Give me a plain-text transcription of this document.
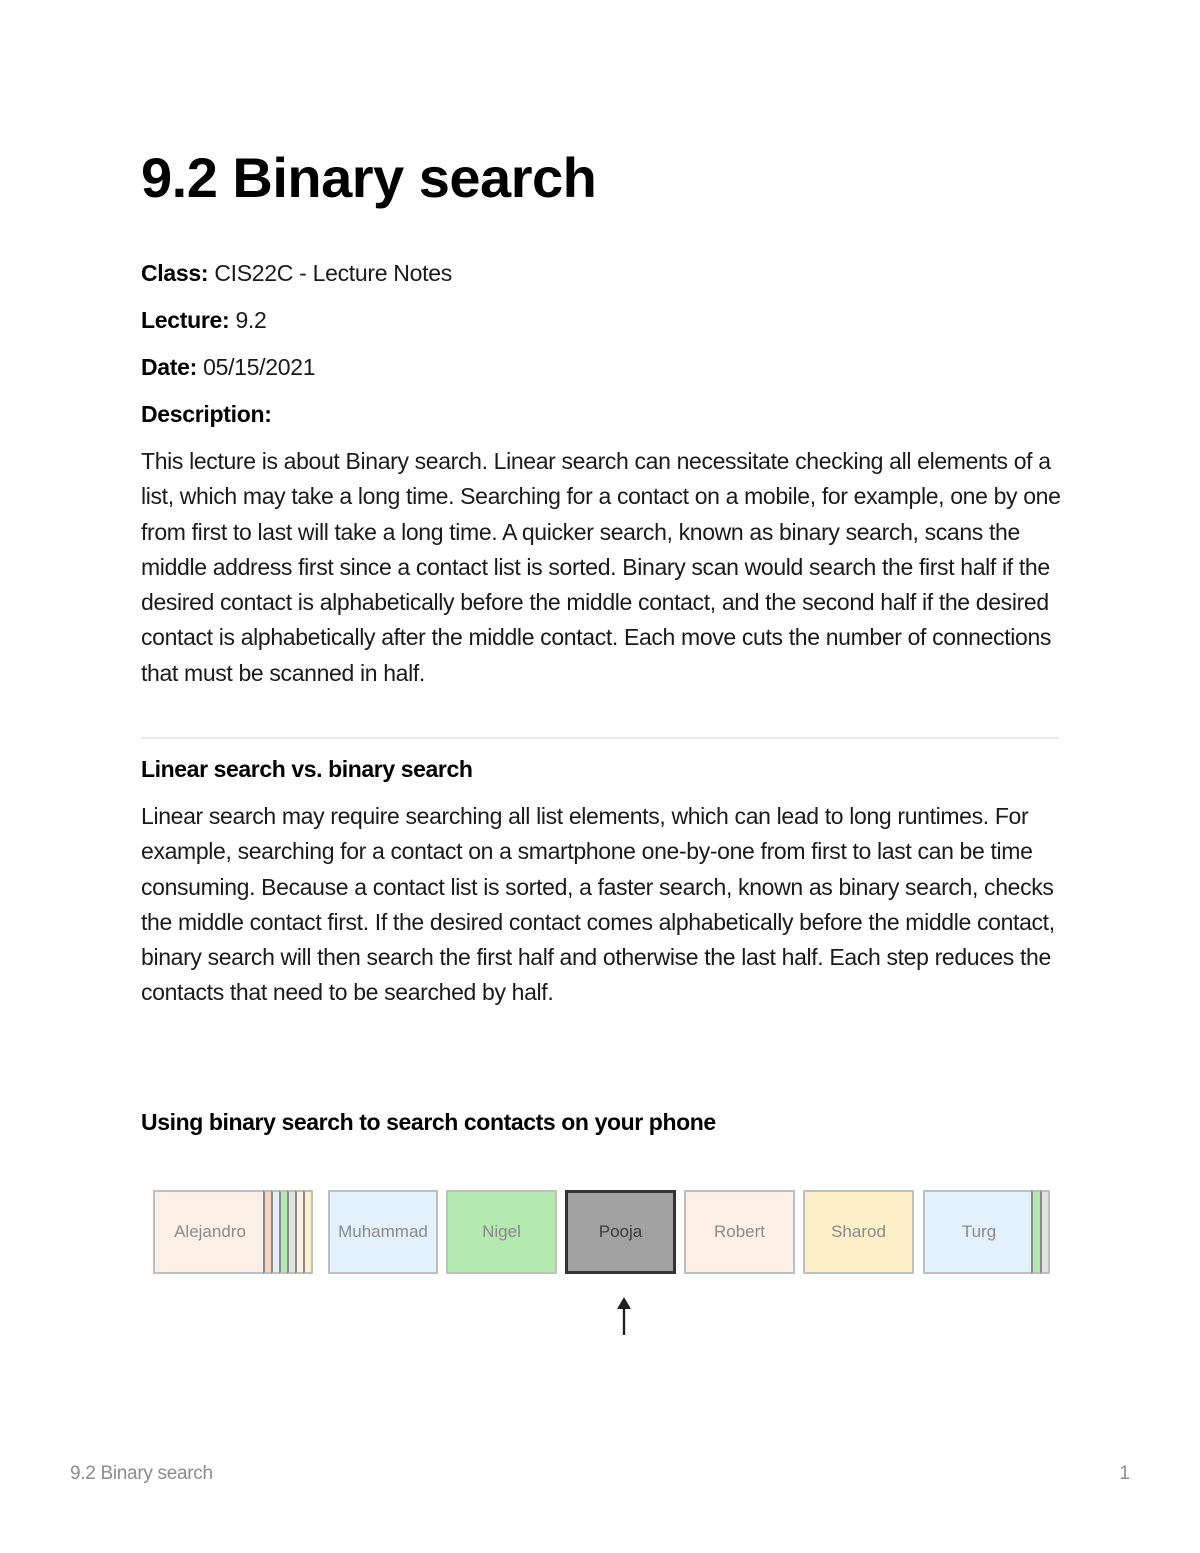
9.2 Binary search
Class: CIS22C - Lecture Notes
Lecture: 9.2
Date: 05/15/2021
Description:

This lecture is about Binary search. Linear search can necessitate checking all elements of a list, which may take a long time. Searching for a contact on a mobile, for example, one by one from first to last will take a long time. A quicker search, known as binary search, scans the middle address first since a contact list is sorted. Binary scan would search the first half if the desired contact is alphabetically before the middle contact, and the second half if the desired contact is alphabetically after the middle contact. Each move cuts the number of connections that must be scanned in half.

Linear search vs. binary search

Linear search may require searching all list elements, which can lead to long runtimes. For example, searching for a contact on a smartphone one-by-one from first to last can be time consuming. Because a contact list is sorted, a faster search, known as binary search, checks the middle contact first. If the desired contact comes alphabetically before the middle contact, binary search will then search the first half and otherwise the last half. Each step reduces the contacts that need to be searched by half.

Using binary search to search contacts on your phone
Alejandro	Muhammad	Nigel	Pooja	Robert	Sharod	Turg
9.2 Binary search	1
